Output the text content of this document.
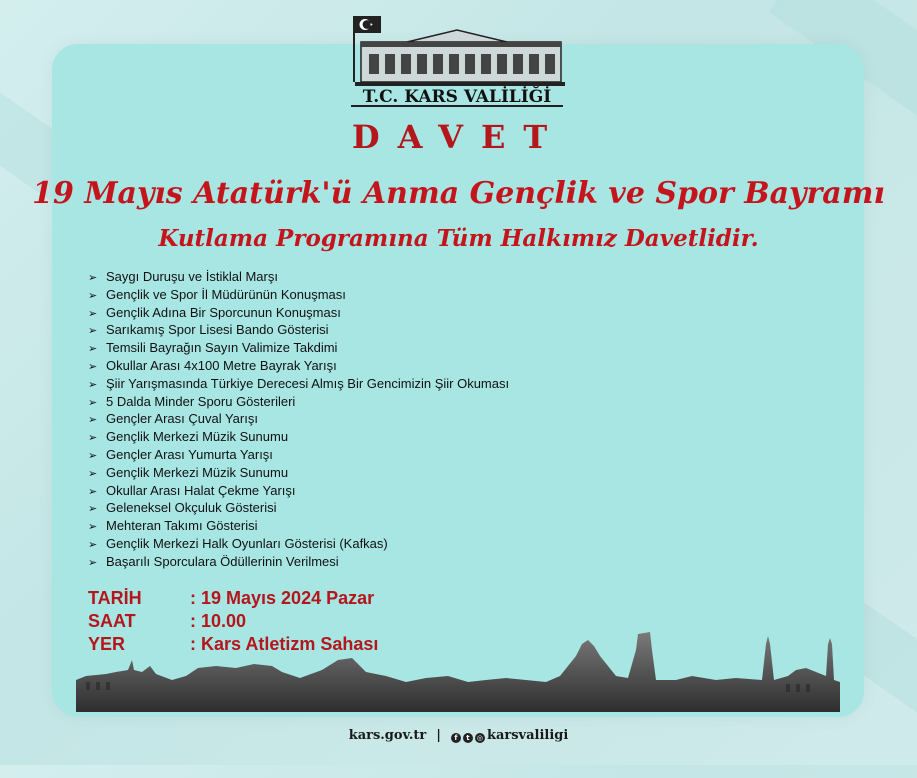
T.C. KARS VALİLİĞİ
DAVET
19 Mayıs Atatürk'ü Anma Gençlik ve Spor Bayramı
Kutlama Programına Tüm Halkımız Davetlidir.
➢ Saygı Duruşu ve İstiklal Marşı
➢ Gençlik ve Spor İl Müdürünün Konuşması
➢ Gençlik Adına Bir Sporcunun Konuşması
➢ Sarıkamış Spor Lisesi Bando Gösterisi
➢ Temsili Bayrağın Sayın Valimize Takdimi
➢ Okullar Arası 4x100 Metre Bayrak Yarışı
➢ Şiir Yarışmasında Türkiye Derecesi Almış Bir Gencimizin Şiir Okuması
➢ 5 Dalda Minder Sporu Gösterileri
➢ Gençler Arası Çuval Yarışı
➢ Gençlik Merkezi Müzik Sunumu
➢ Gençler Arası Yumurta Yarışı
➢ Gençlik Merkezi Müzik Sunumu
➢ Okullar Arası Halat Çekme Yarışı
➢ Geleneksel Okçuluk Gösterisi
➢ Mehteran Takımı Gösterisi
➢ Gençlik Merkezi Halk Oyunları Gösterisi (Kafkas)
➢ Başarılı Sporculara Ödüllerinin Verilmesi
TARİH	: 19 Mayıs 2024 Pazar
SAAT	: 10.00
YER	: Kars Atletizm Sahası
kars.gov.tr | f t ◎ karsvaliligi
